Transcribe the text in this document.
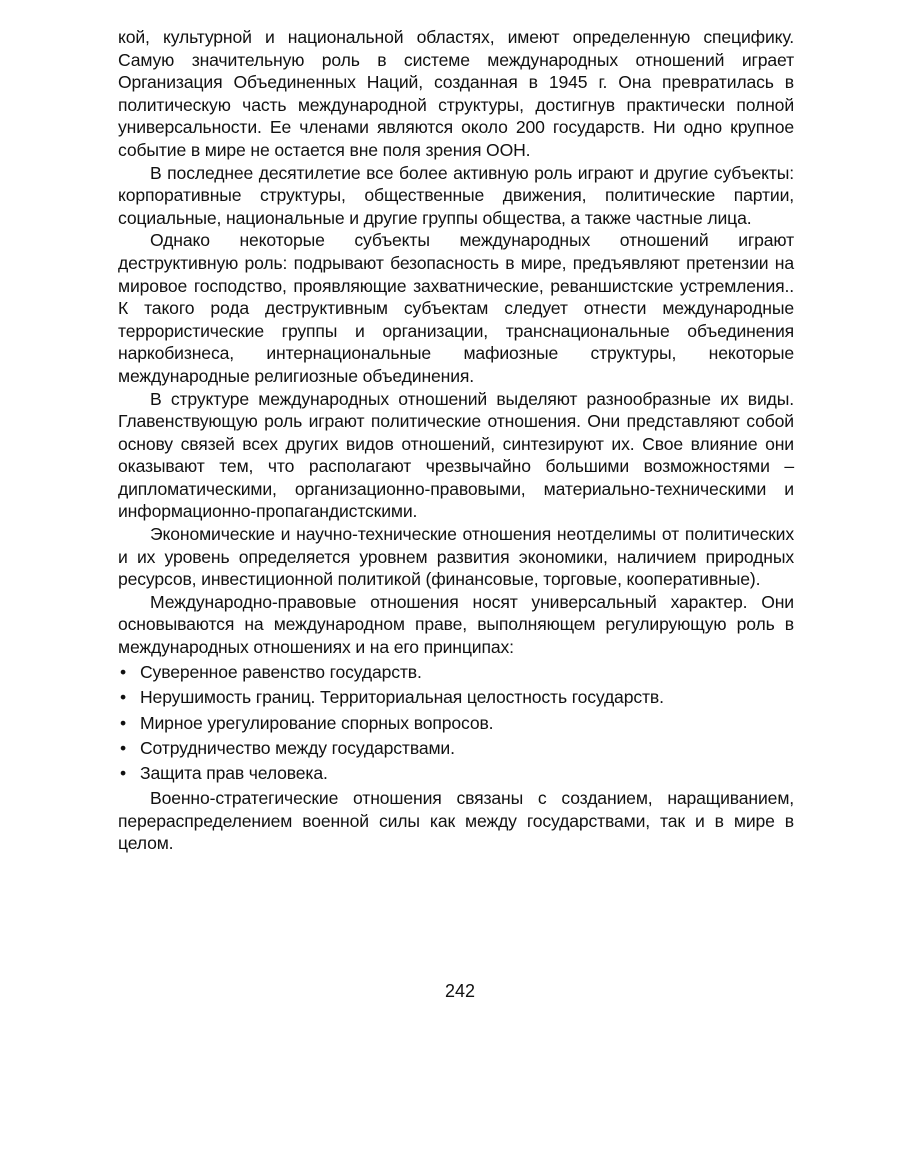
кой, культурной и национальной областях, имеют определенную специфику. Самую значительную роль в системе международных отношений играет Организация Объединенных Наций, созданная в 1945 г. Она превратилась в политическую часть международной структуры, достигнув практически полной универсальности. Ее членами являются около 200 государств. Ни одно крупное событие в мире не остается вне поля зрения ООН.

В последнее десятилетие все более активную роль играют и другие субъекты: корпоративные структуры, общественные движения, политические партии, социальные, национальные и другие группы общества, а также частные лица.

Однако некоторые субъекты международных отношений играют деструктивную роль: подрывают безопасность в мире, предъявляют претензии на мировое господство, проявляющие захватнические, реваншистские устремления.. К такого рода деструктивным субъектам следует отнести международные террористические группы и организации, транснациональные объединения наркобизнеса, интернациональные мафиозные структуры, некоторые международные религиозные объединения.

В структуре международных отношений выделяют разнообразные их виды. Главенствующую роль играют политические отношения. Они представляют собой основу связей всех других видов отношений, синтезируют их. Свое влияние они оказывают тем, что располагают чрезвычайно большими возможностями – дипломатическими, организационно-правовыми, материально-техническими и информационно-пропагандистскими.

Экономические и научно-технические отношения неотделимы от политических и их уровень определяется уровнем развития экономики, наличием природных ресурсов, инвестиционной политикой (финансовые, торговые, кооперативные).

Международно-правовые отношения носят универсальный характер. Они основываются на международном праве, выполняющем регулирующую роль в международных отношениях и на его принципах:

• Суверенное равенство государств.
• Нерушимость границ. Территориальная целостность государств.
• Мирное урегулирование спорных вопросов.
• Сотрудничество между государствами.
• Защита прав человека.

Военно-стратегические отношения связаны с созданием, наращиванием, перераспределением военной силы как между государствами, так и в мире в целом.

242
